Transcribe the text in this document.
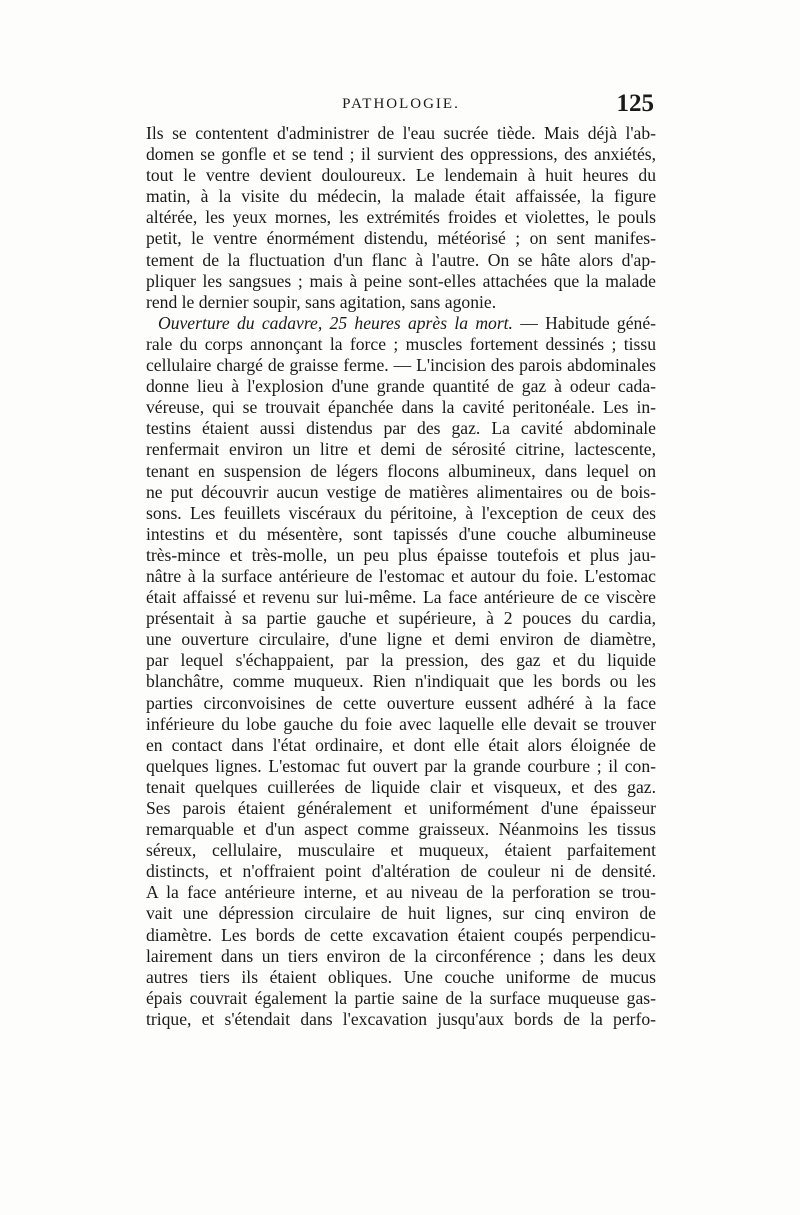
PATHOLOGIE.	125
Ils se contentent d'administrer de l'eau sucrée tiède. Mais déjà l'ab-
domen se gonfle et se tend ; il survient des oppressions, des anxiétés,
tout le ventre devient douloureux. Le lendemain à huit heures du
matin, à la visite du médecin, la malade était affaissée, la figure
altérée, les yeux mornes, les extrémités froides et violettes, le pouls
petit, le ventre énormément distendu, météorisé ; on sent manifes-
tement de la fluctuation d'un flanc à l'autre. On se hâte alors d'ap-
pliquer les sangsues ; mais à peine sont-elles attachées que la malade
rend le dernier soupir, sans agitation, sans agonie.
Ouverture du cadavre, 25 heures après la mort. — Habitude géné-
rale du corps annonçant la force ; muscles fortement dessinés ; tissu
cellulaire chargé de graisse ferme. — L'incision des parois abdominales
donne lieu à l'explosion d'une grande quantité de gaz à odeur cada-
véreuse, qui se trouvait épanchée dans la cavité peritonéale. Les in-
testins étaient aussi distendus par des gaz. La cavité abdominale
renfermait environ un litre et demi de sérosité citrine, lactescente,
tenant en suspension de légers flocons albumineux, dans lequel on
ne put découvrir aucun vestige de matières alimentaires ou de bois-
sons. Les feuillets viscéraux du péritoine, à l'exception de ceux des
intestins et du mésentère, sont tapissés d'une couche albumineuse
très-mince et très-molle, un peu plus épaisse toutefois et plus jau-
nâtre à la surface antérieure de l'estomac et autour du foie. L'estomac
était affaissé et revenu sur lui-même. La face antérieure de ce viscère
présentait à sa partie gauche et supérieure, à 2 pouces du cardia,
une ouverture circulaire, d'une ligne et demi environ de diamètre,
par lequel s'échappaient, par la pression, des gaz et du liquide
blanchâtre, comme muqueux. Rien n'indiquait que les bords ou les
parties circonvoisines de cette ouverture eussent adhéré à la face
inférieure du lobe gauche du foie avec laquelle elle devait se trouver
en contact dans l'état ordinaire, et dont elle était alors éloignée de
quelques lignes. L'estomac fut ouvert par la grande courbure ; il con-
tenait quelques cuillerées de liquide clair et visqueux, et des gaz.
Ses parois étaient généralement et uniformément d'une épaisseur
remarquable et d'un aspect comme graisseux. Néanmoins les tissus
séreux, cellulaire, musculaire et muqueux, étaient parfaitement
distincts, et n'offraient point d'altération de couleur ni de densité.
A la face antérieure interne, et au niveau de la perforation se trou-
vait une dépression circulaire de huit lignes, sur cinq environ de
diamètre. Les bords de cette excavation étaient coupés perpendicu-
lairement dans un tiers environ de la circonférence ; dans les deux
autres tiers ils étaient obliques. Une couche uniforme de mucus
épais couvrait également la partie saine de la surface muqueuse gas-
trique, et s'étendait dans l'excavation jusqu'aux bords de la perfo-
